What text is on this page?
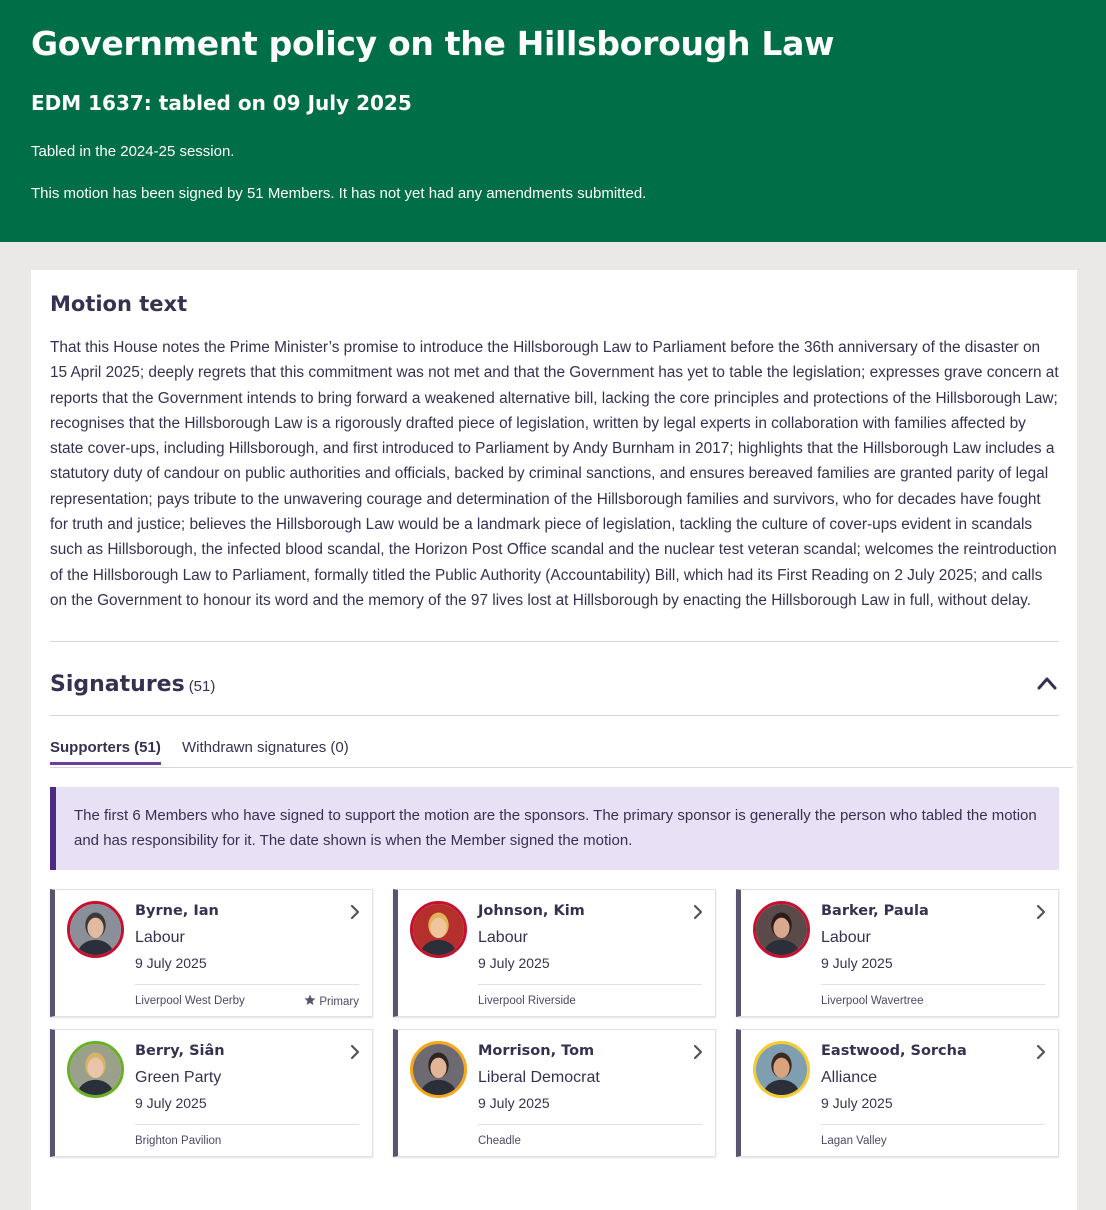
Government policy on the Hillsborough Law
EDM 1637: tabled on 09 July 2025

Tabled in the 2024-25 session.

This motion has been signed by 51 Members. It has not yet had any amendments submitted.

Motion text

That this House notes the Prime Minister’s promise to introduce the Hillsborough Law to Parliament before the 36th anniversary of the disaster on 15 April 2025; deeply regrets that this commitment was not met and that the Government has yet to table the legislation; expresses grave concern at reports that the Government intends to bring forward a weakened alternative bill, lacking the core principles and protections of the Hillsborough Law; recognises that the Hillsborough Law is a rigorously drafted piece of legislation, written by legal experts in collaboration with families affected by state cover-ups, including Hillsborough, and first introduced to Parliament by Andy Burnham in 2017; highlights that the Hillsborough Law includes a statutory duty of candour on public authorities and officials, backed by criminal sanctions, and ensures bereaved families are granted parity of legal representation; pays tribute to the unwavering courage and determination of the Hillsborough families and survivors, who for decades have fought for truth and justice; believes the Hillsborough Law would be a landmark piece of legislation, tackling the culture of cover-ups evident in scandals such as Hillsborough, the infected blood scandal, the Horizon Post Office scandal and the nuclear test veteran scandal; welcomes the reintroduction of the Hillsborough Law to Parliament, formally titled the Public Authority (Accountability) Bill, which had its First Reading on 2 July 2025; and calls on the Government to honour its word and the memory of the 97 lives lost at Hillsborough by enacting the Hillsborough Law in full, without delay.

Signatures (51)
Supporters (51) Withdrawn signatures (0)
The first 6 Members who have signed to support the motion are the sponsors. The primary sponsor is generally the person who tabled the motion and has responsibility for it. The date shown is when the Member signed the motion.
Byrne, Ian
Labour
9 July 2025
Liverpool West Derby	Primary
Johnson, Kim
Labour
9 July 2025
Liverpool Riverside
Barker, Paula
Labour
9 July 2025
Liverpool Wavertree
Berry, Siân
Green Party
9 July 2025
Brighton Pavilion
Morrison, Tom
Liberal Democrat
9 July 2025
Cheadle
Eastwood, Sorcha
Alliance
9 July 2025
Lagan Valley
